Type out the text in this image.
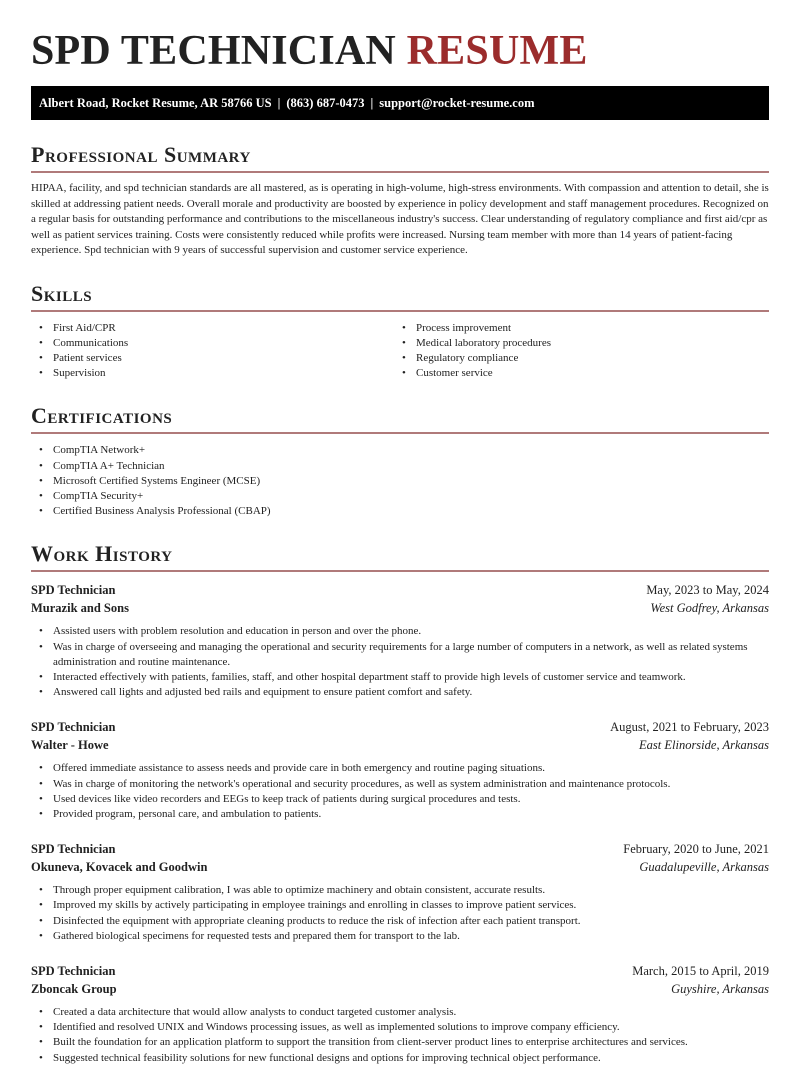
SPD TECHNICIAN RESUME
Albert Road, Rocket Resume, AR 58766 US | (863) 687-0473 | support@rocket-resume.com
Professional Summary

HIPAA, facility, and spd technician standards are all mastered, as is operating in high-volume, high-stress environments. With compassion and attention to detail, she is skilled at addressing patient needs. Overall morale and productivity are boosted by experience in policy development and staff management procedures. Recognized on a regular basis for outstanding performance and contributions to the miscellaneous industry's success. Clear understanding of regulatory compliance and first aid/cpr as well as patient services training. Costs were consistently reduced while profits were increased. Nursing team member with more than 14 years of patient-facing experience. Spd technician with 9 years of successful supervision and customer service experience.

Skills
• First Aid/CPR
• Communications
• Patient services
• Supervision
• Process improvement
• Medical laboratory procedures
• Regulatory compliance
• Customer service
Certifications
• CompTIA Network+
• CompTIA A+ Technician
• Microsoft Certified Systems Engineer (MCSE)
• CompTIA Security+
• Certified Business Analysis Professional (CBAP)
Work History
SPD Technician	May, 2023 to May, 2024
Murazik and Sons	West Godfrey, Arkansas
• Assisted users with problem resolution and education in person and over the phone.
• Was in charge of overseeing and managing the operational and security requirements for a large number of computers in a network, as well as related systems administration and routine maintenance.
• Interacted effectively with patients, families, staff, and other hospital department staff to provide high levels of customer service and teamwork.
• Answered call lights and adjusted bed rails and equipment to ensure patient comfort and safety.
SPD Technician	August, 2021 to February, 2023
Walter - Howe	East Elinorside, Arkansas
• Offered immediate assistance to assess needs and provide care in both emergency and routine paging situations.
• Was in charge of monitoring the network's operational and security procedures, as well as system administration and maintenance protocols.
• Used devices like video recorders and EEGs to keep track of patients during surgical procedures and tests.
• Provided program, personal care, and ambulation to patients.
SPD Technician	February, 2020 to June, 2021
Okuneva, Kovacek and Goodwin	Guadalupeville, Arkansas
• Through proper equipment calibration, I was able to optimize machinery and obtain consistent, accurate results.
• Improved my skills by actively participating in employee trainings and enrolling in classes to improve patient services.
• Disinfected the equipment with appropriate cleaning products to reduce the risk of infection after each patient transport.
• Gathered biological specimens for requested tests and prepared them for transport to the lab.
SPD Technician	March, 2015 to April, 2019
Zboncak Group	Guyshire, Arkansas
• Created a data architecture that would allow analysts to conduct targeted customer analysis.
• Identified and resolved UNIX and Windows processing issues, as well as implemented solutions to improve company efficiency.
• Built the foundation for an application platform to support the transition from client-server product lines to enterprise architectures and services.
• Suggested technical feasibility solutions for new functional designs and options for improving technical object performance.
